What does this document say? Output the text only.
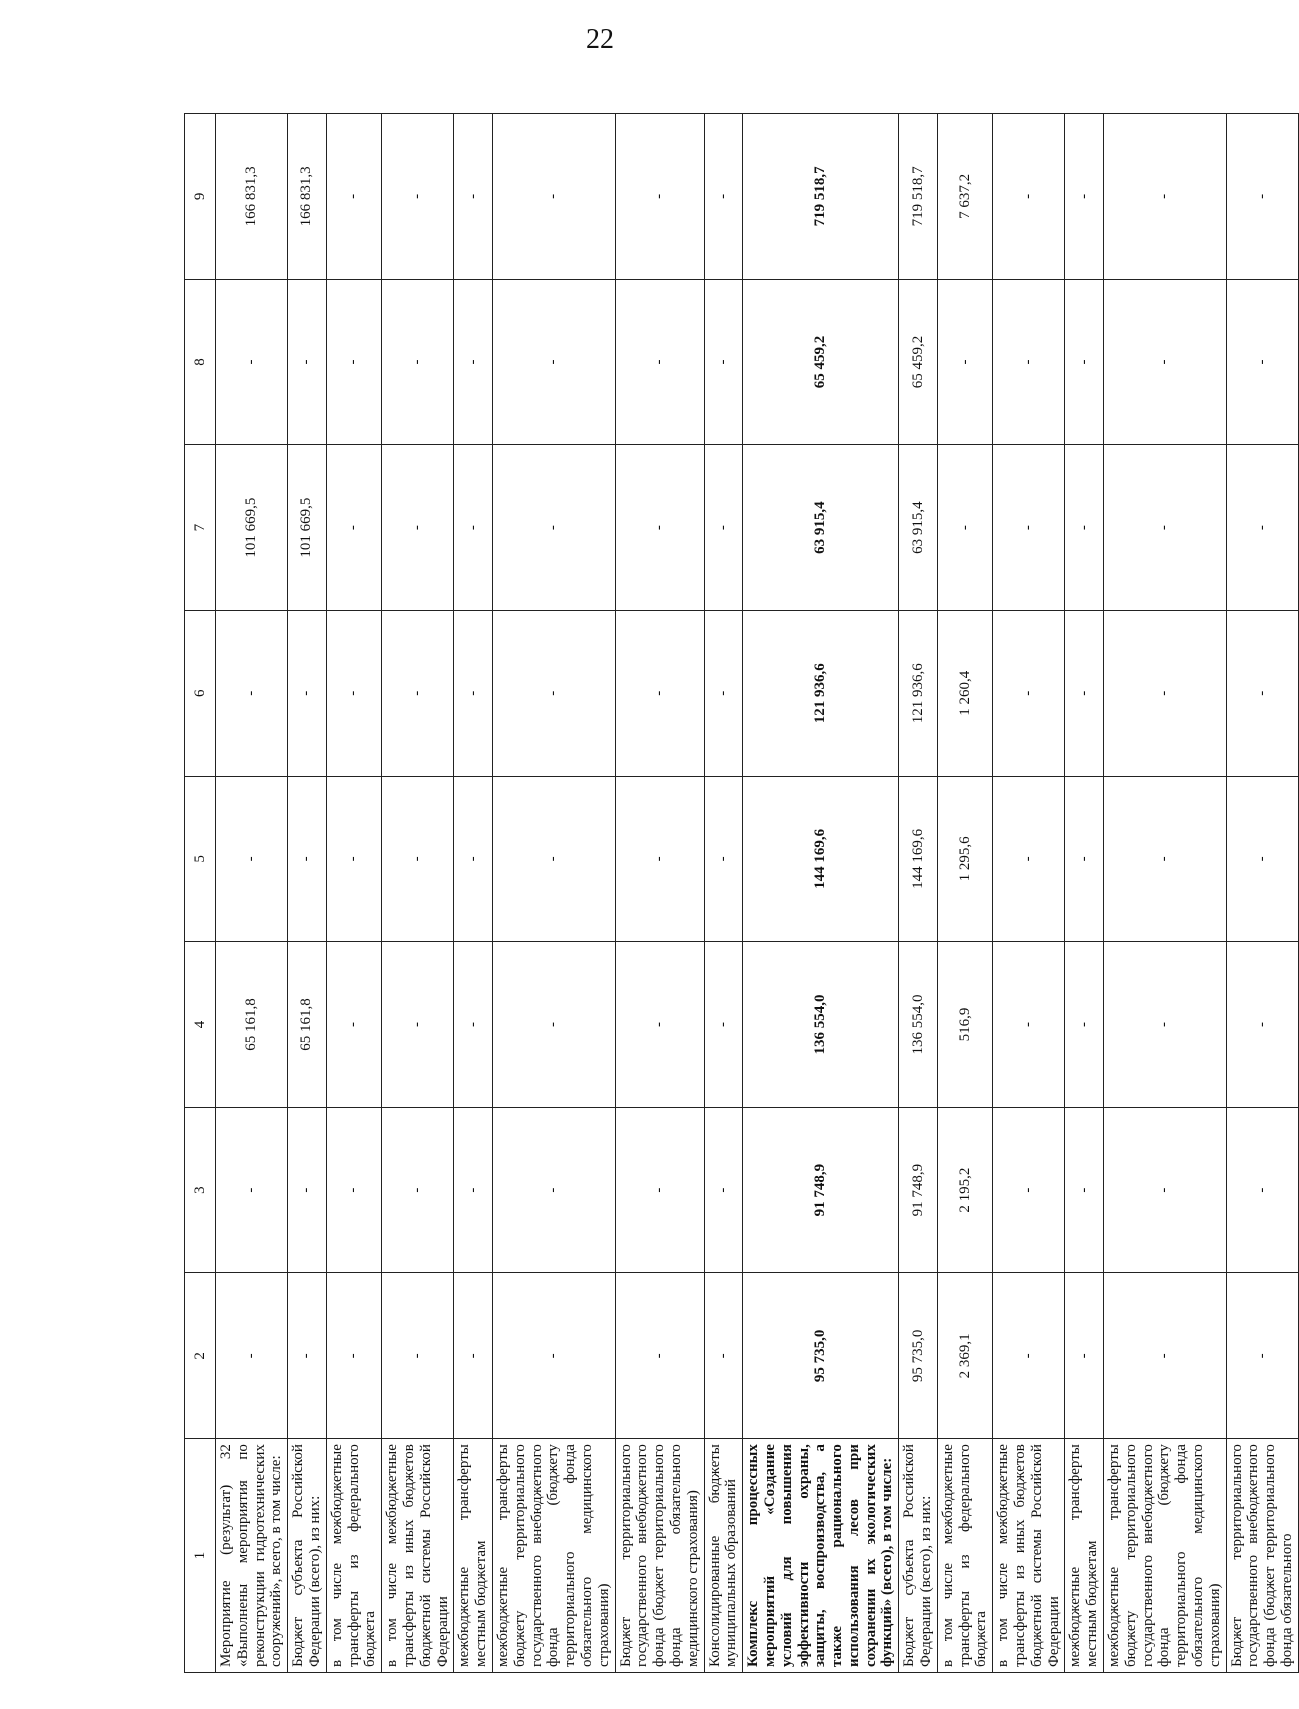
22
1	2	3	4	5	6	7	8	9
Мероприятие (результат) 32 «Выполнены мероприятия по реконструкции гидротехнических сооружений», всего, в том числе:	-	-	65 161,8	-	-	101 669,5	-	166 831,3
Бюджет субъекта Российской Федерации (всего), из них:	-	-	65 161,8	-	-	101 669,5	-	166 831,3
в том числе межбюджетные трансферты из федерального бюджета	-	-	-	-	-	-	-	-
в том числе межбюджетные трансферты из иных бюджетов бюджетной системы Российской Федерации	-	-	-	-	-	-	-	-
межбюджетные трансферты местным бюджетам	-	-	-	-	-	-	-	-
межбюджетные трансферты бюджету территориального государственного внебюджетного фонда (бюджету территориального фонда обязательного медицинского страхования)	-	-	-	-	-	-	-	-
Бюджет территориального государственного внебюджетного фонда (бюджет территориального фонда обязательного медицинского страхования)	-	-	-	-	-	-	-	-
Консолидированные бюджеты муниципальных образований	-	-	-	-	-	-	-	-
Комплекс процессных мероприятий «Создание условий для повышения эффективности охраны, защиты, воспроизводства, а также рационального использования лесов при сохранении их экологических функций» (всего), в том числе:	95 735,0	91 748,9	136 554,0	144 169,6	121 936,6	63 915,4	65 459,2	719 518,7
Бюджет субъекта Российской Федерации (всего), из них:	95 735,0	91 748,9	136 554,0	144 169,6	121 936,6	63 915,4	65 459,2	719 518,7
в том числе межбюджетные трансферты из федерального бюджета	2 369,1	2 195,2	516,9	1 295,6	1 260,4	-	-	7 637,2
в том числе межбюджетные трансферты из иных бюджетов бюджетной системы Российской Федерации	-	-	-	-	-	-	-	-
межбюджетные трансферты местным бюджетам	-	-	-	-	-	-	-	-
межбюджетные трансферты бюджету территориального государственного внебюджетного фонда (бюджету территориального фонда обязательного медицинского страхования)	-	-	-	-	-	-	-	-
Бюджет территориального государственного внебюджетного фонда (бюджет территориального фонда обязательного	-	-	-	-	-	-	-	-
